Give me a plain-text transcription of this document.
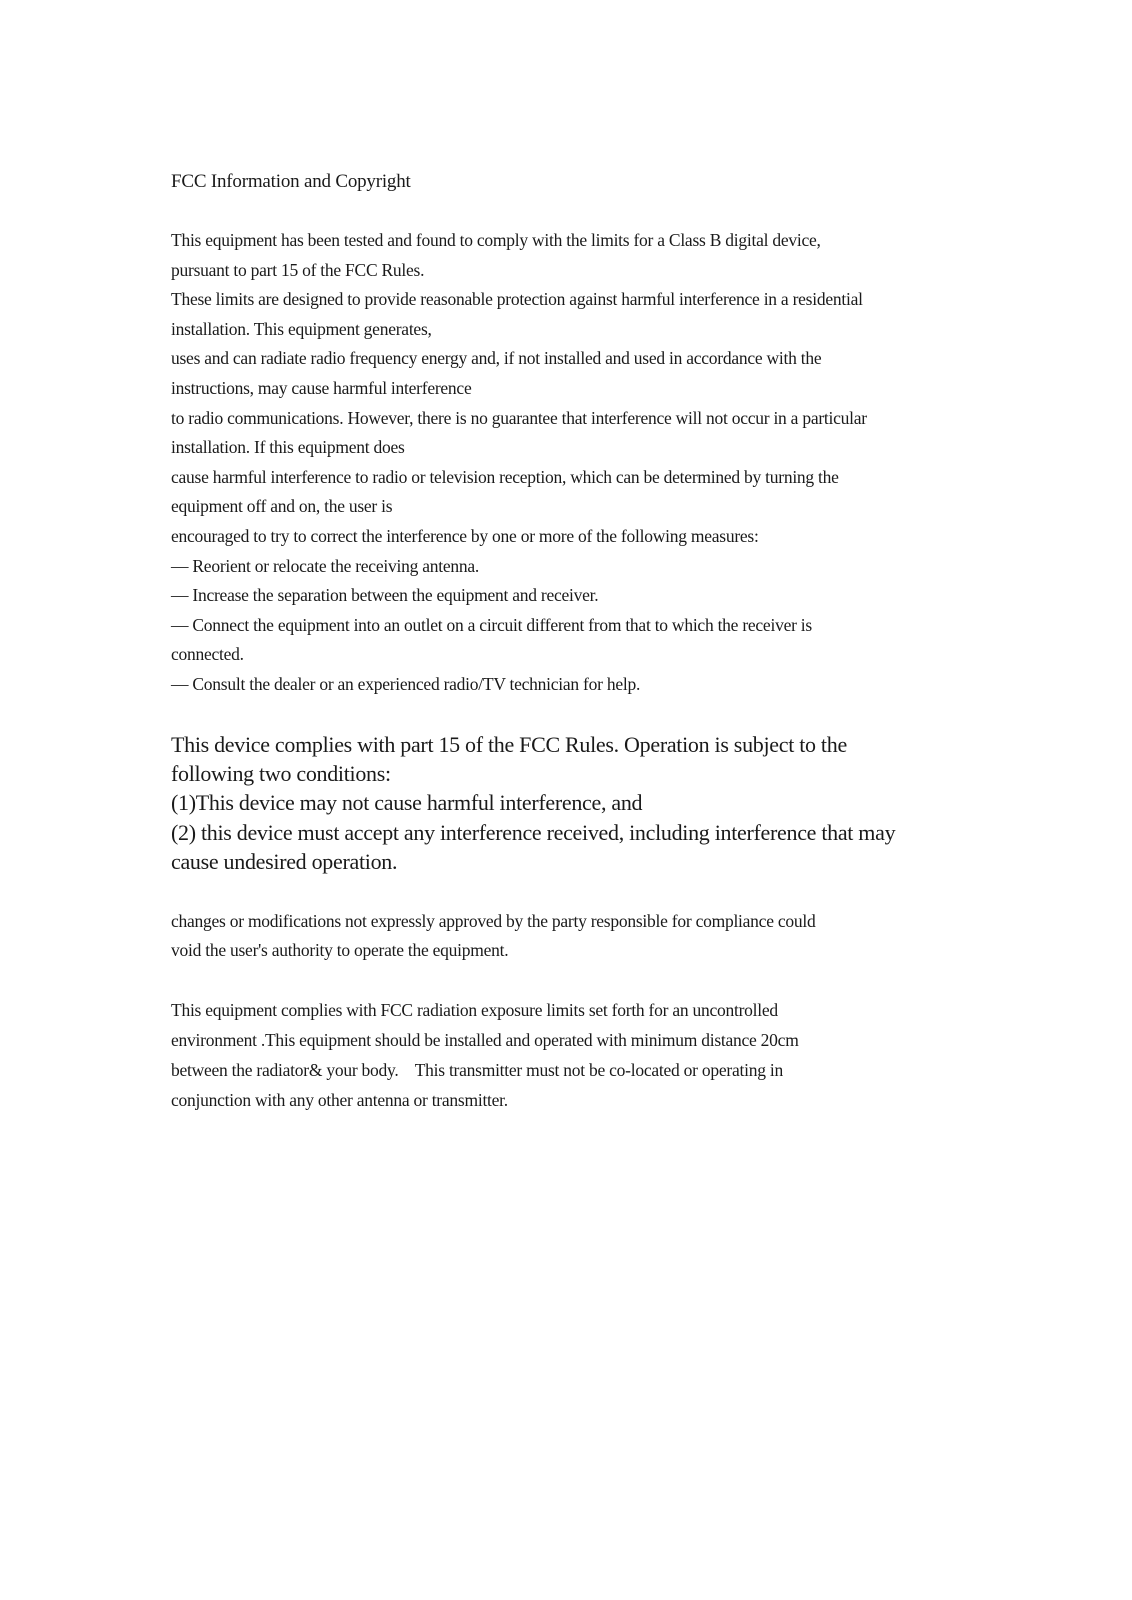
FCC Information and Copyright

This equipment has been tested and found to comply with the limits for a Class B digital device,

pursuant to part 15 of the FCC Rules.

These limits are designed to provide reasonable protection against harmful interference in a residential

installation. This equipment generates,

uses and can radiate radio frequency energy and, if not installed and used in accordance with the

instructions, may cause harmful interference

to radio communications. However, there is no guarantee that interference will not occur in a particular

installation. If this equipment does

cause harmful interference to radio or television reception, which can be determined by turning the

equipment off and on, the user is

encouraged to try to correct the interference by one or more of the following measures:

— Reorient or relocate the receiving antenna.

— Increase the separation between the equipment and receiver.

— Connect the equipment into an outlet on a circuit different from that to which the receiver is

connected.

— Consult the dealer or an experienced radio/TV technician for help.

This device complies with part 15 of the FCC Rules. Operation is subject to the

following two conditions:

(1)This device may not cause harmful interference, and

(2) this device must accept any interference received, including interference that may

cause undesired operation.

changes or modifications not expressly approved by the party responsible for compliance could

void the user's authority to operate the equipment.

This equipment complies with FCC radiation exposure limits set forth for an uncontrolled

environment .This equipment should be installed and operated with minimum distance 20cm

between the radiator& your body.    This transmitter must not be co-located or operating in

conjunction with any other antenna or transmitter.
